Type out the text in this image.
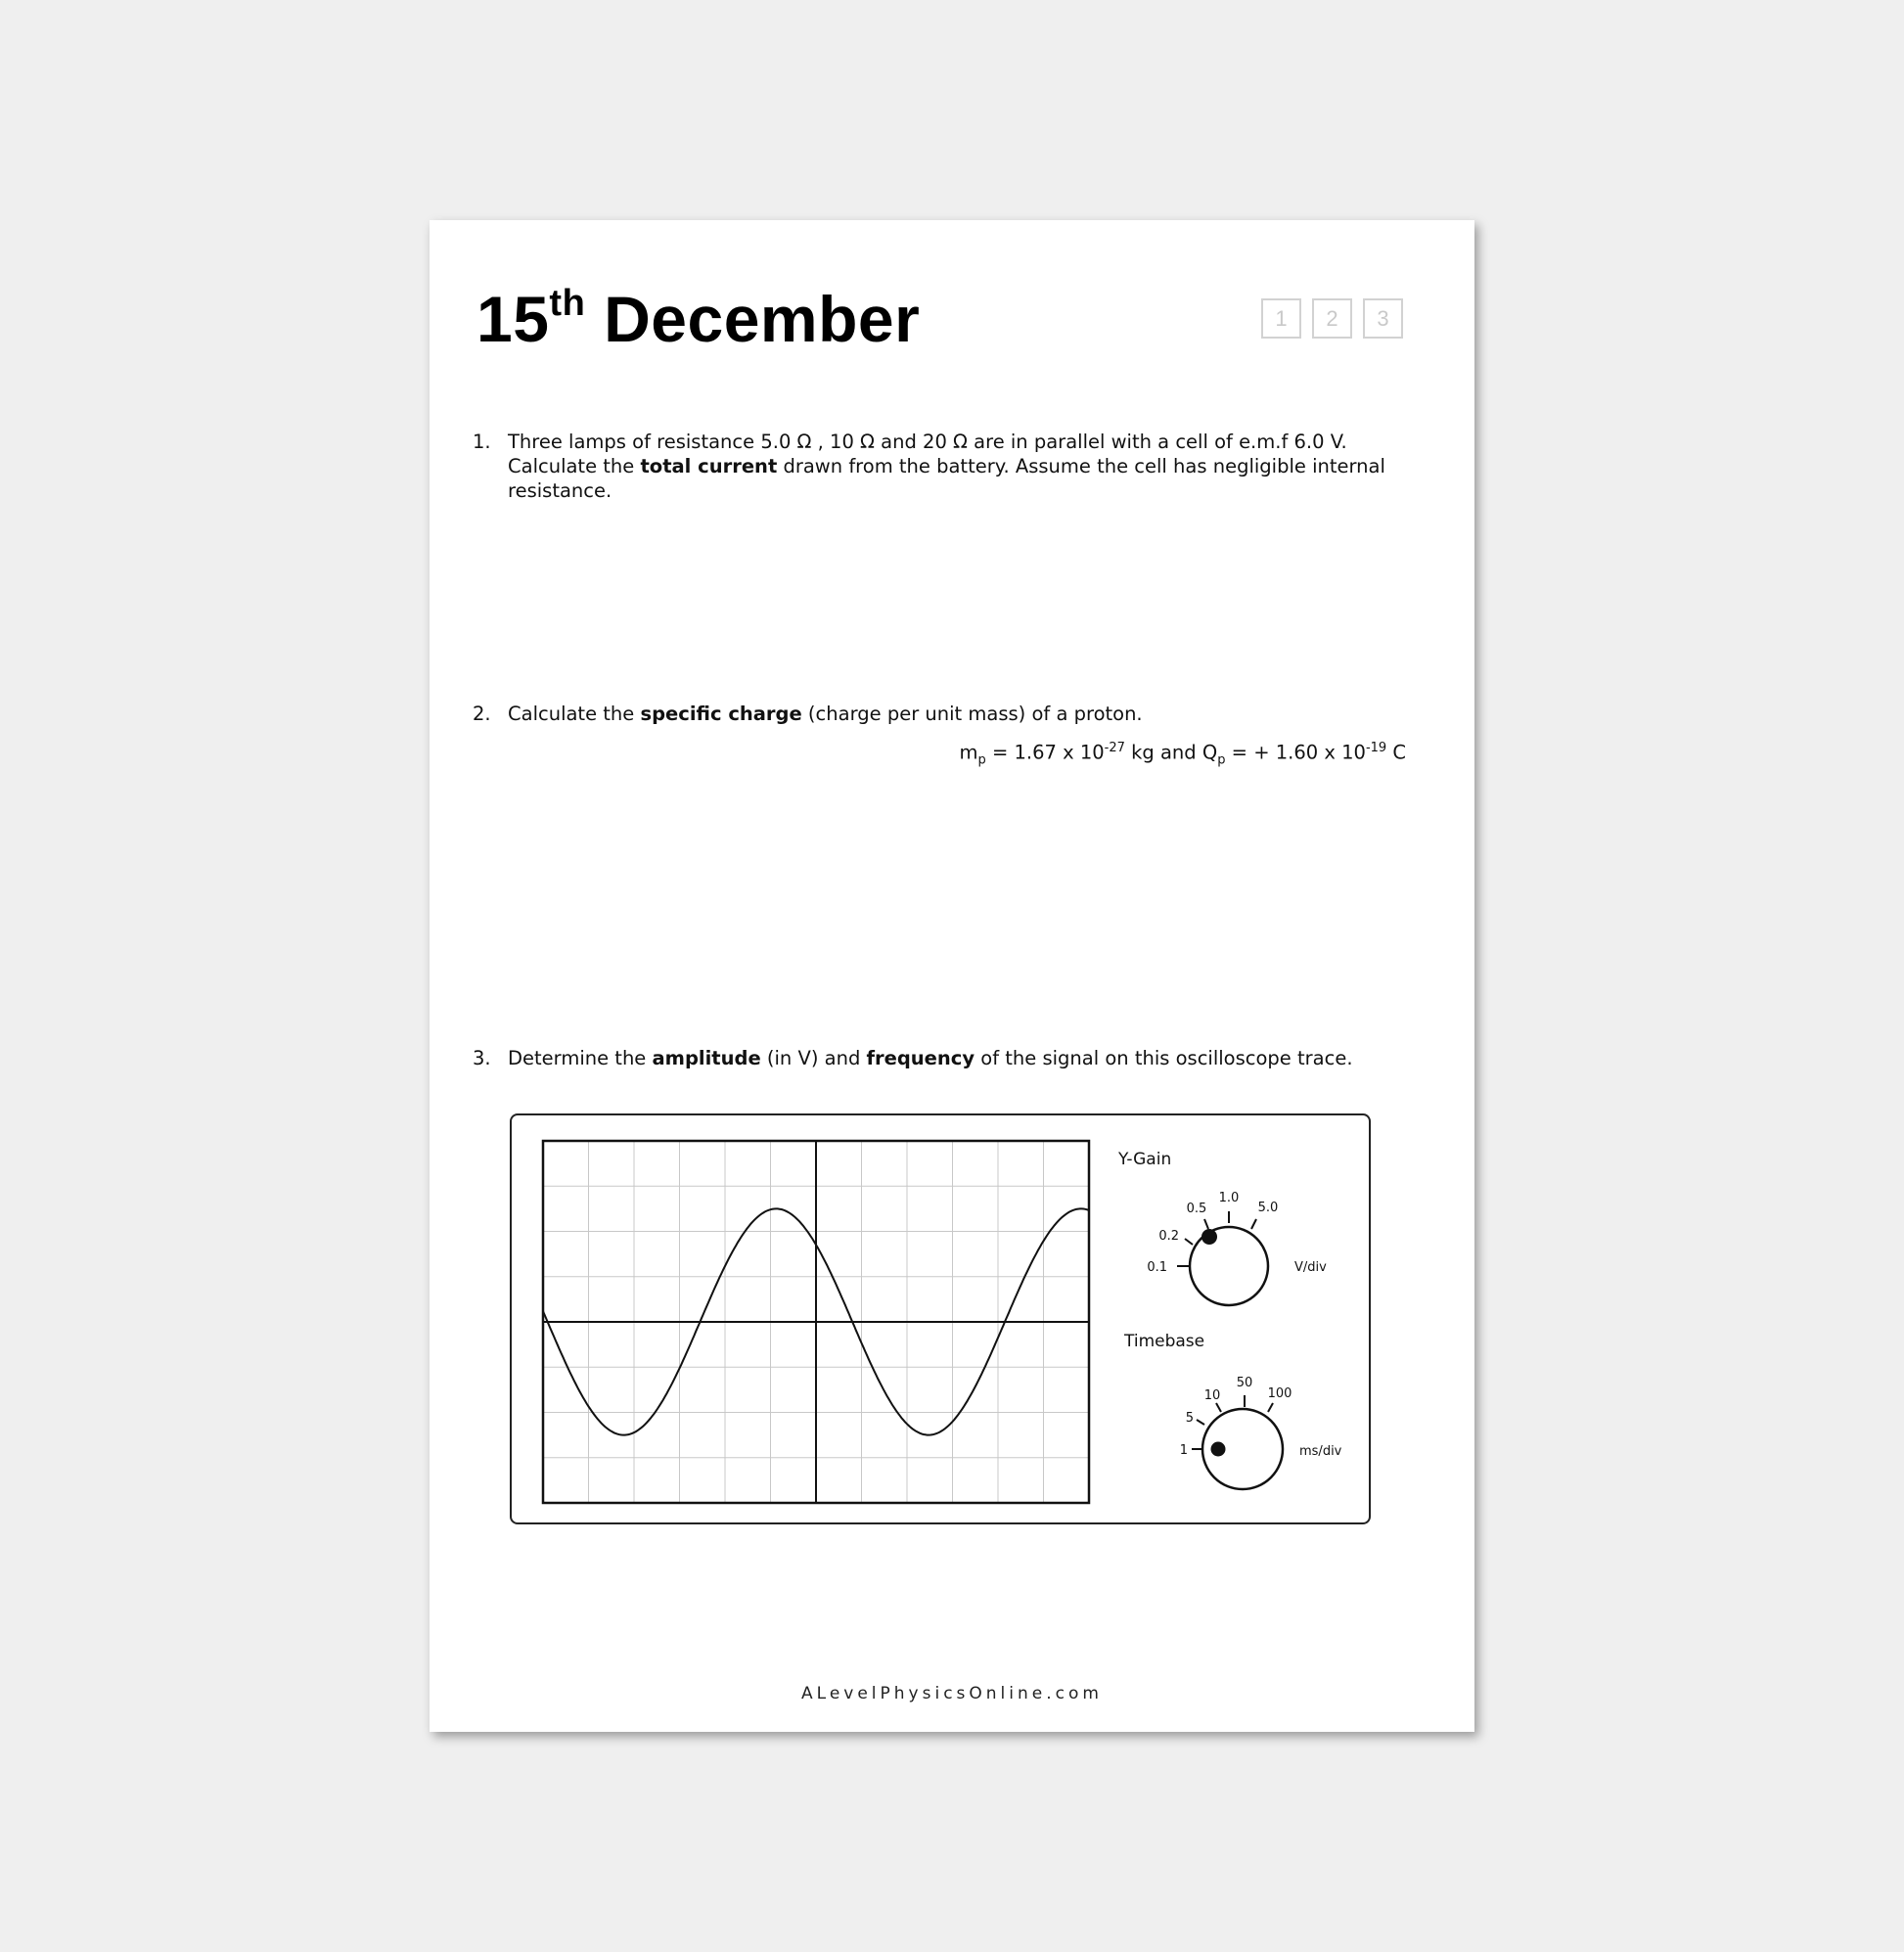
15th December	1	2	3
1. Three lamps of resistance 5.0 Ω , 10 Ω and 20 Ω are in parallel with a cell of e.m.f 6.0 V.
Calculate the total current drawn from the battery. Assume the cell has negligible internal resistance.
2. Calculate the specific charge (charge per unit mass) of a proton.
$m_p = 1.67$ x $10^{-27}$ kg and $Q_p$ = + 1.60 x $10^{-19}$ C
3. Determine the amplitude (in V) and frequency of the signal on this oscilloscope trace.
Y-Gain
0.1
0.2
0.5
1.0
5.0
V/div
Timebase
1
5
10
50
100
ms/div
ALevelPhysicsOnline.com
